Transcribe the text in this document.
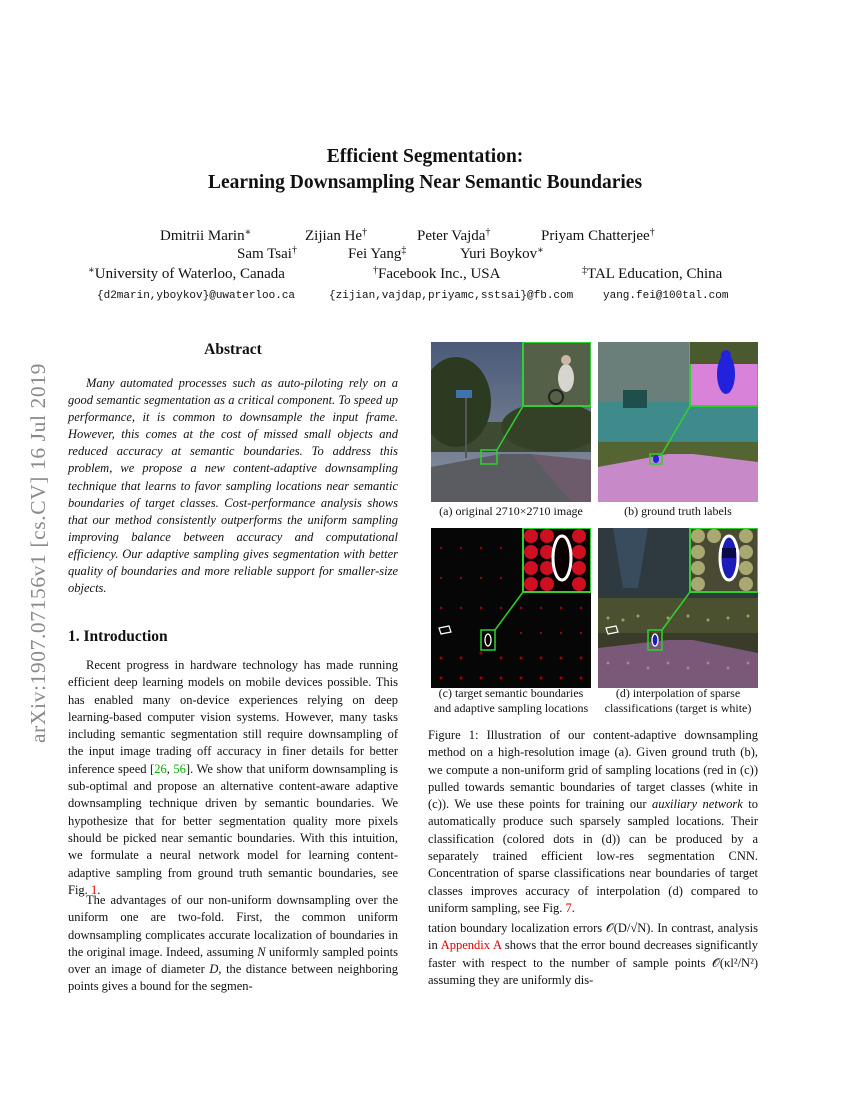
arXiv:1907.07156v1 [cs.CV] 16 Jul 2019
Efficient Segmentation:
Learning Downsampling Near Semantic Boundaries
Dmitrii Marin∗	Zijian He†	Peter Vajda†	Priyam Chatterjee†
Sam Tsai†	Fei Yang‡	Yuri Boykov∗
∗University of Waterloo, Canada	†Facebook Inc., USA	‡TAL Education, China
{d2marin,yboykov}@uwaterloo.ca	{zijian,vajdap,priyamc,sstsai}@fb.com	yang.fei@100tal.com
Abstract
Many automated processes such as auto-piloting rely on a good semantic segmentation as a critical component. To speed up performance, it is common to downsample the input frame. However, this comes at the cost of missed small objects and reduced accuracy at semantic boundaries. To address this problem, we propose a new content-adaptive downsampling technique that learns to favor sampling locations near semantic boundaries of target classes. Cost-performance analysis shows that our method consistently outperforms the uniform sampling improving balance between accuracy and computational efficiency. Our adaptive sampling gives segmentation with better quality of boundaries and more reliable support for smaller-size objects.
1. Introduction
Recent progress in hardware technology has made running efficient deep learning models on mobile devices possible. This has enabled many on-device experiences relying on deep learning-based computer vision systems. However, many tasks including semantic segmentation still require downsampling of the input image trading off accuracy in finer details for better inference speed [26, 56]. We show that uniform downsampling is sub-optimal and propose an alternative content-aware adaptive downsampling technique driven by semantic boundaries. We hypothesize that for better segmentation quality more pixels should be picked near semantic boundaries. With this intuition, we formulate a neural network model for learning content-adaptive sampling from ground truth semantic boundaries, see Fig. 1.
The advantages of our non-uniform downsampling over the uniform one are two-fold. First, the common uniform downsampling complicates accurate localization of boundaries in the original image. Indeed, assuming N uniformly sampled points over an image of diameter D, the distance between neighboring points gives a bound for the segmen-
(a) original 2710×2710 image	(b) ground truth labels
(c) target semantic boundaries
and adaptive sampling locations
(d) interpolation of sparse
classifications (target is white)
Figure 1: Illustration of our content-adaptive downsampling method on a high-resolution image (a). Given ground truth (b), we compute a non-uniform grid of sampling locations (red in (c)) pulled towards semantic boundaries of target classes (white in (c)). We use these points for training our auxiliary network to automatically produce such sparsely sampled locations. Their classification (colored dots in (d)) can be produced by a separately trained efficient low-res segmentation CNN. Concentration of sparse classifications near boundaries of target classes improves accuracy of interpolation (d) compared to uniform sampling, see Fig. 7.
tation boundary localization errors 𝒪(D/√N). In contrast, analysis in Appendix A shows that the error bound decreases significantly faster with respect to the number of sample points 𝒪(κl²/N²) assuming they are uniformly dis-
